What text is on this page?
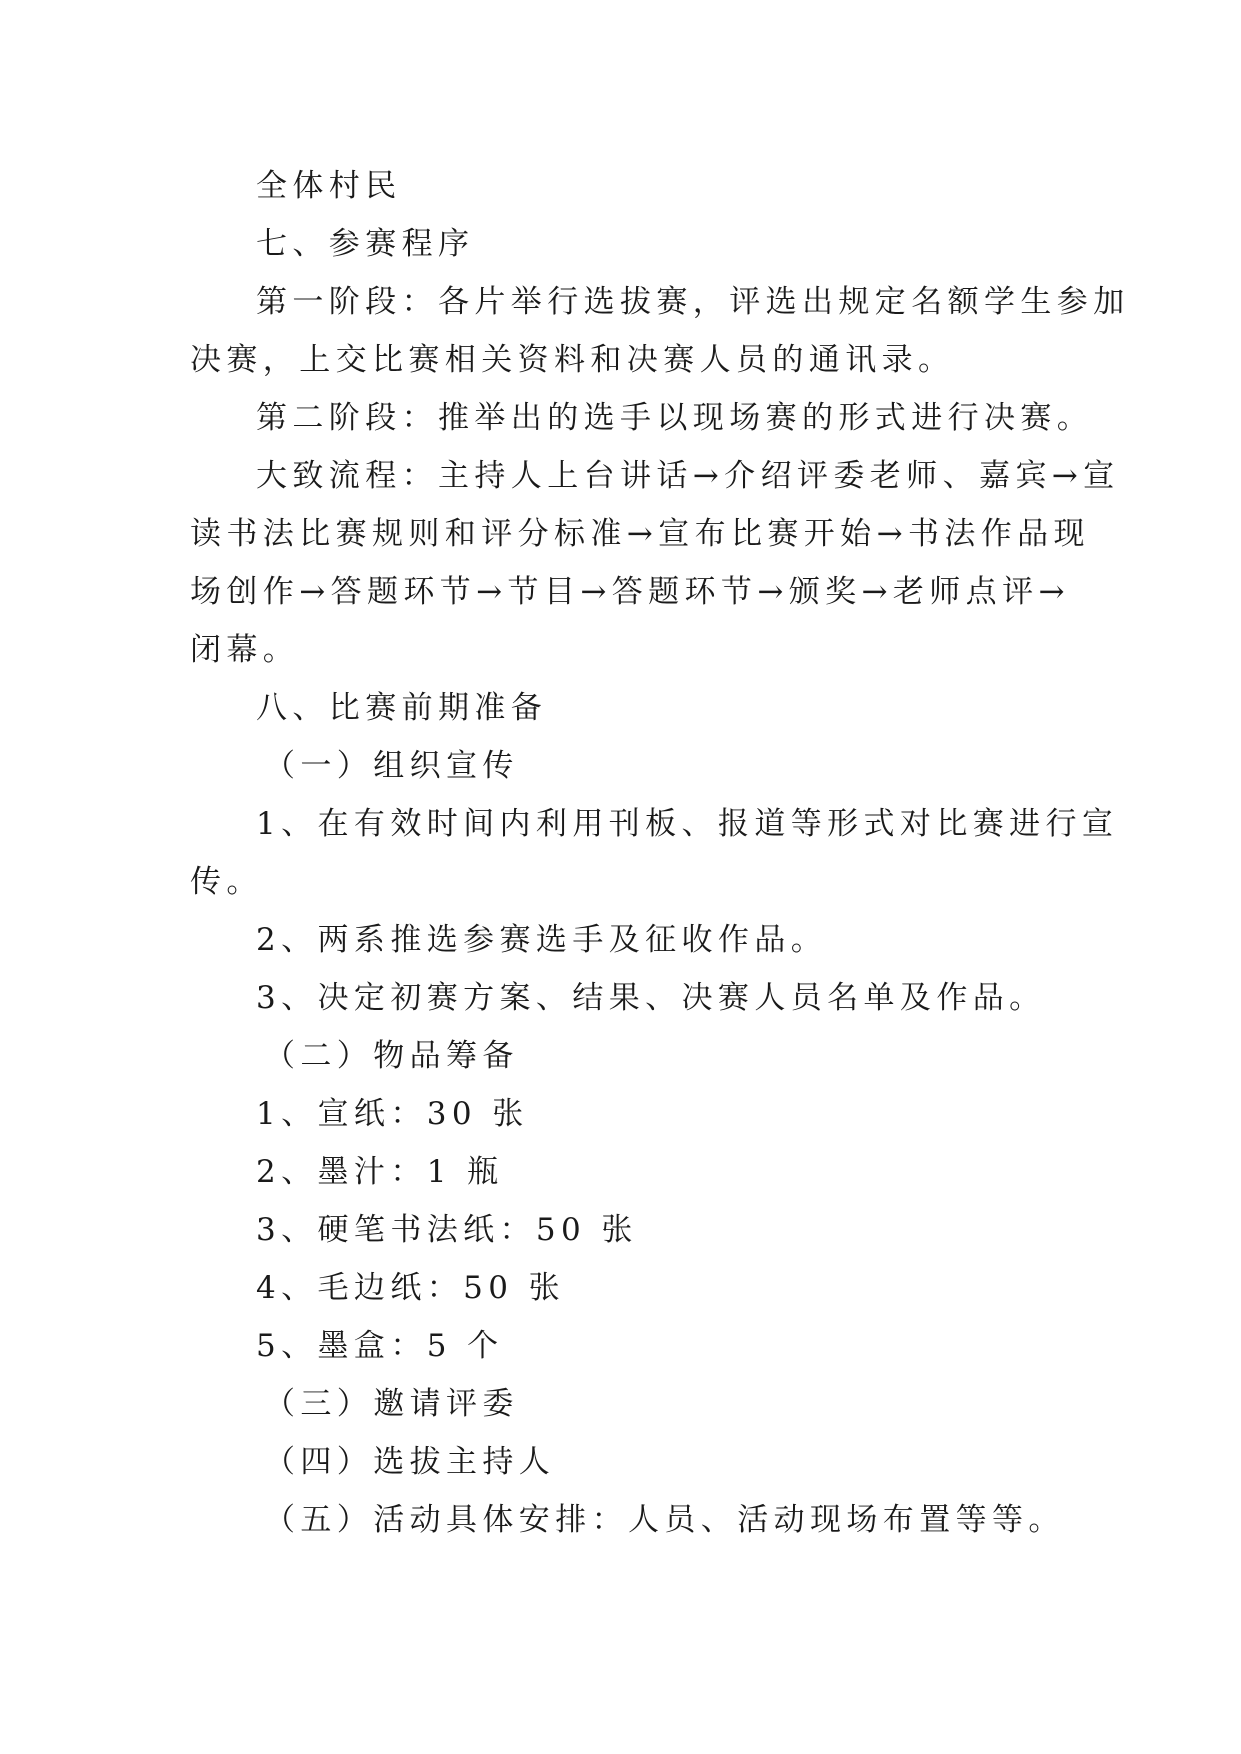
全体村民
七、参赛程序
第一阶段：各片举行选拔赛，评选出规定名额学生参加
决赛，上交比赛相关资料和决赛人员的通讯录。
第二阶段：推举出的选手以现场赛的形式进行决赛。
大致流程：主持人上台讲话→介绍评委老师、嘉宾→宣
读书法比赛规则和评分标准→宣布比赛开始→书法作品现
场创作→答题环节→节目→答题环节→颁奖→老师点评→
闭幕。
八、比赛前期准备
（一）组织宣传
1、在有效时间内利用刊板、报道等形式对比赛进行宣
传。
2、两系推选参赛选手及征收作品。
3、决定初赛方案、结果、决赛人员名单及作品。
（二）物品筹备
1、宣纸：30 张
2、墨汁：1 瓶
3、硬笔书法纸：50 张
4、毛边纸：50 张
5、墨盒：5 个
（三）邀请评委
（四）选拔主持人
（五）活动具体安排：人员、活动现场布置等等。
